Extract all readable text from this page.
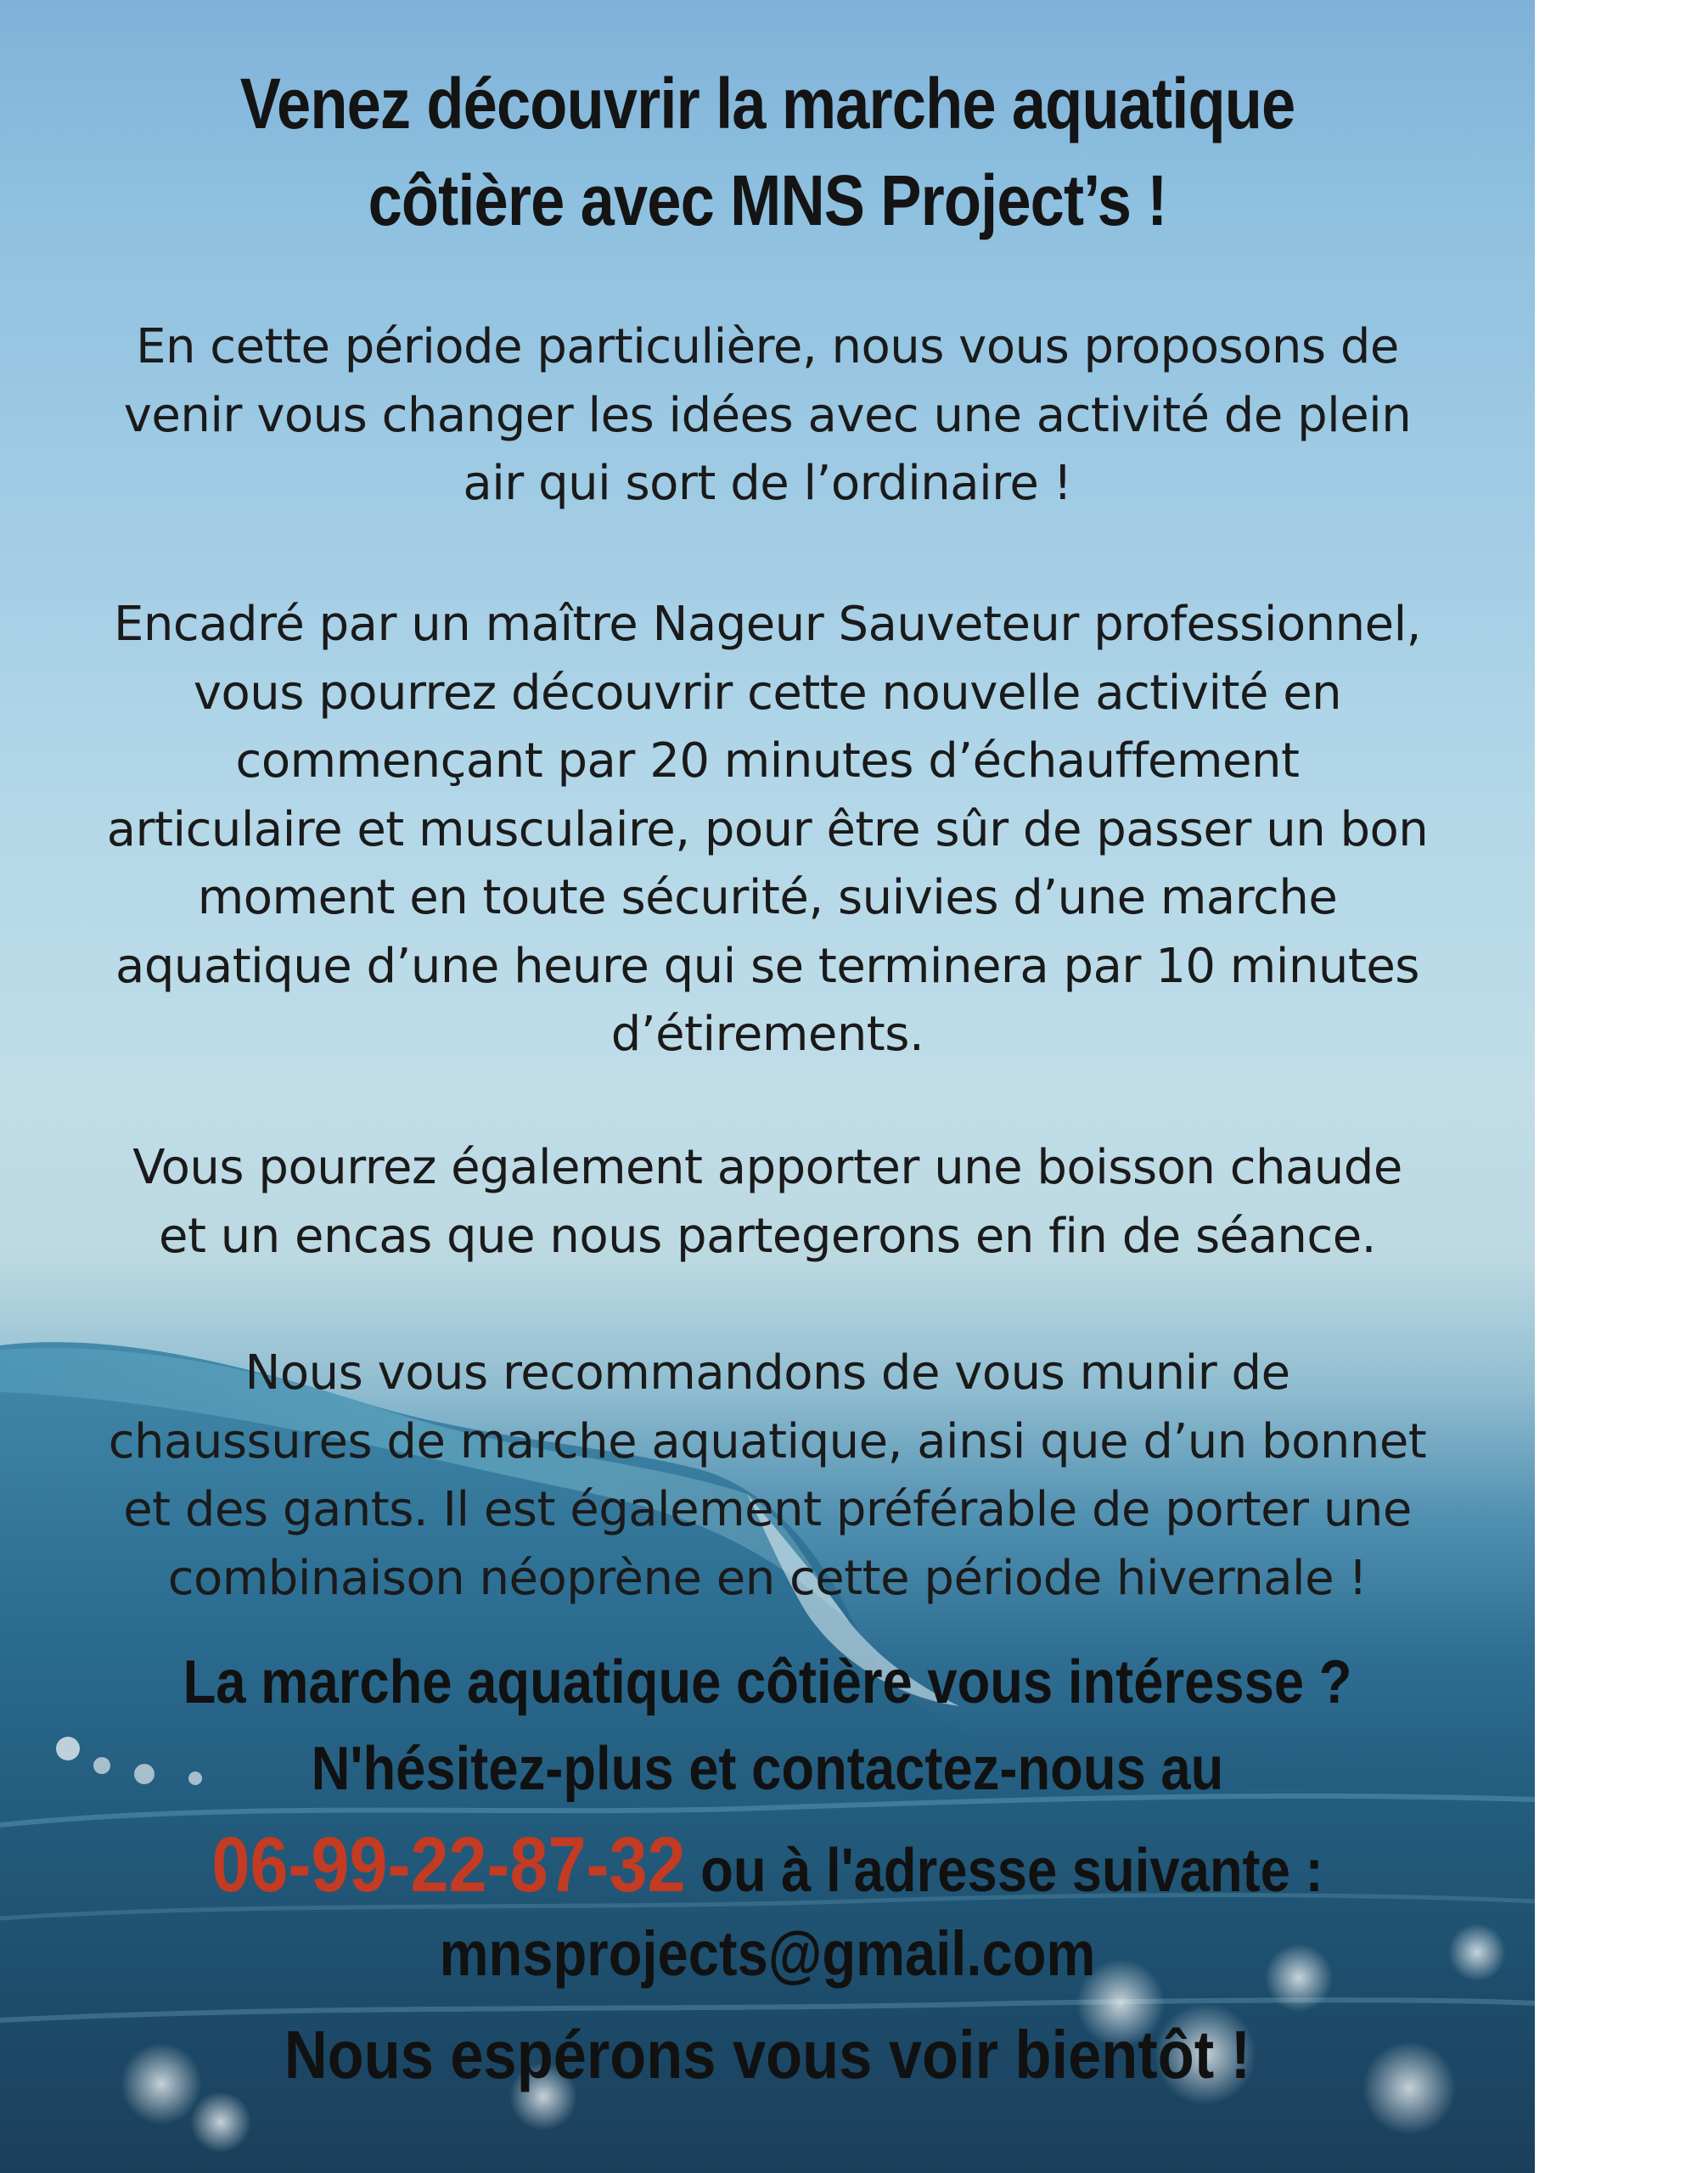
Venez découvrir la marche aquatique
côtière avec MNS Project’s !
En cette période particulière, nous vous proposons de
venir vous changer les idées avec une activité de plein
air qui sort de l’ordinaire !
Encadré par un maître Nageur Sauveteur professionnel,
vous pourrez découvrir cette nouvelle activité en
commençant par 20 minutes d’échauffement
articulaire et musculaire, pour être sûr de passer un bon
moment en toute sécurité, suivies d’une marche
aquatique d’une heure qui se terminera par 10 minutes
d’étirements.
Vous pourrez également apporter une boisson chaude
et un encas que nous partegerons en fin de séance.
Nous vous recommandons de vous munir de
chaussures de marche aquatique, ainsi que d’un bonnet
et des gants. Il est également préférable de porter une
combinaison néoprène en cette période hivernale !
La marche aquatique côtière vous intéresse ?
N'hésitez-plus et contactez-nous au
06-99-22-87-32 ou à l'adresse suivante :
mnsprojects@gmail.com
Nous espérons vous voir bientôt !
